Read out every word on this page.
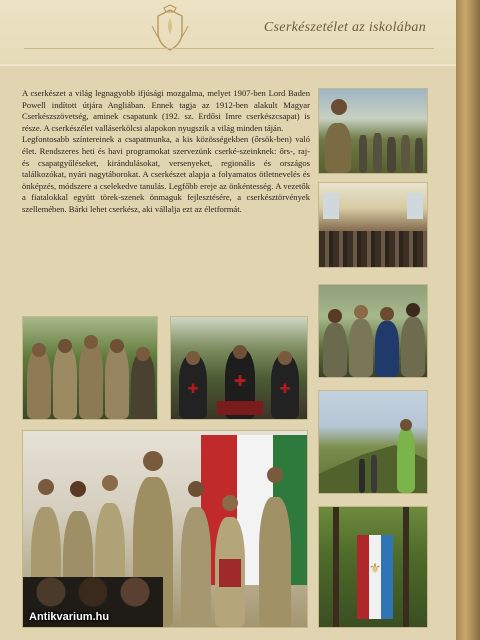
Cserkészetélet az iskolában

A cserkészet a világ legnagyobb ifjúsági mozgalma, melyet 1907-ben Lord Baden Powell indított útjára Angliában. Ennek tagja az 1912-ben alakult Magyar Cserkészszövetség, aminek csapatunk (192. sz. Erdősi Imre cserkészcsapat) is része. A cserkészélet valláserkölcsi alapokon nyugszik a világ minden táján.

Legfontosabb színtereinek a csapatmunka, a kis közösségekben (őrsök-ben) való élet. Rendszeres heti és havi programokat szervezünk cserké-szeinknek: őrs-, raj- és csapatgyűléseket, kirándulásokat, versenyeket, regionális és országos találkozókat, nyári nagytáborokat. A cserkészet alapja a folyamatos ötletnevelés és önképzés, módszere a cselekedve tanulás. Legfőbb ereje az önkéntesség. A vezetők a fiatalokkal együtt törek-szenek önmaguk fejlesztésére, a cserkésztörvények szellemében. Bárki lehet cserkész, aki vállalja ezt az életformát.

✚ ✚	✚
Antikvarium.hu
⚜
